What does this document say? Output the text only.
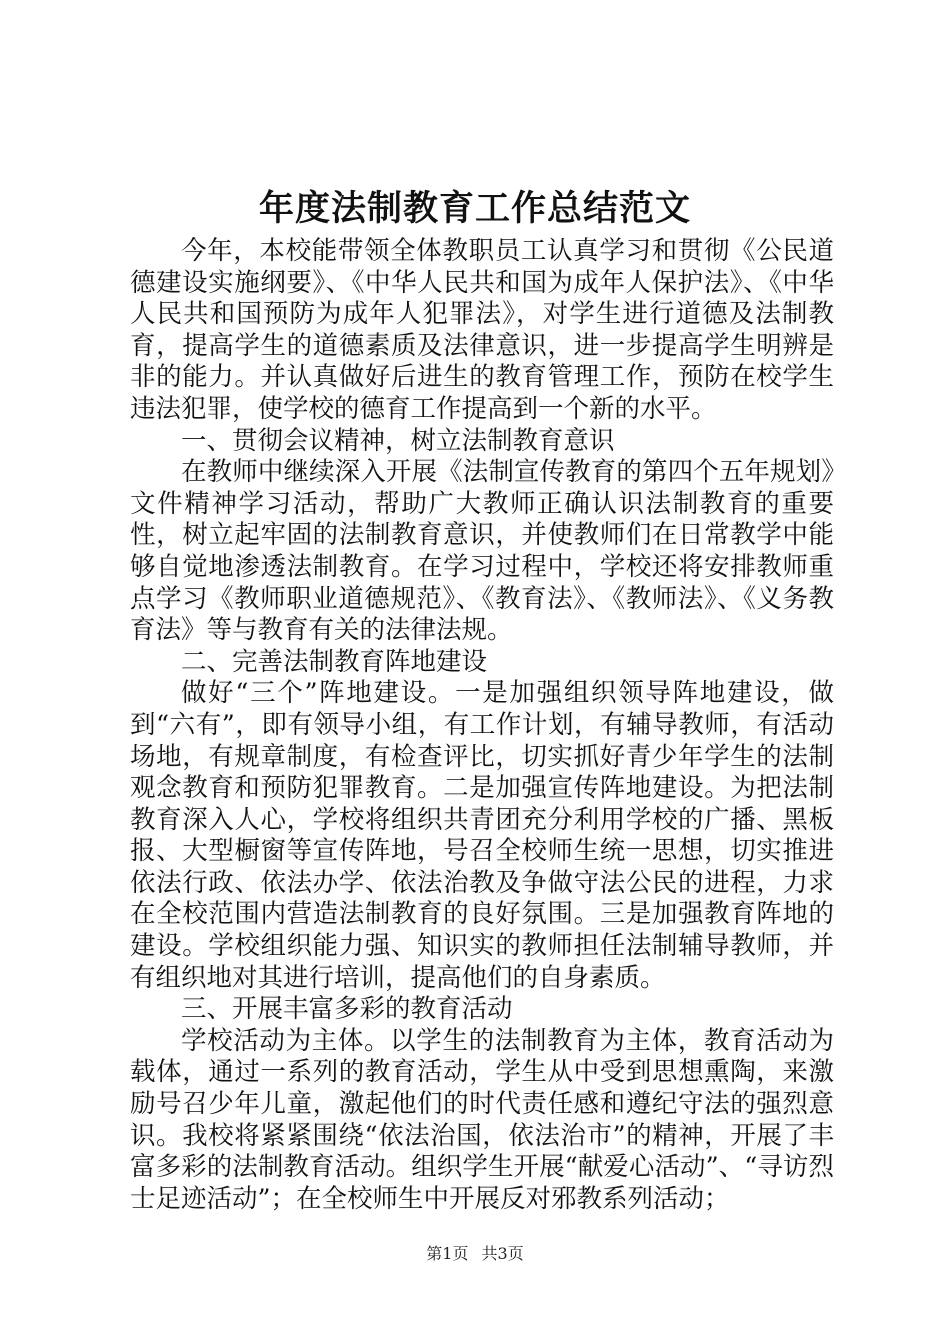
年度法制教育工作总结范文

今年，本校能带领全体教职员工认真学习和贯彻《公民道德建设实施纲要》、《中华人民共和国为成年人保护法》、《中华人民共和国预防为成年人犯罪法》，对学生进行道德及法制教育，提高学生的道德素质及法律意识，进一步提高学生明辨是非的能力。并认真做好后进生的教育管理工作，预防在校学生违法犯罪，使学校的德育工作提高到一个新的水平。

一、贯彻会议精神，树立法制教育意识

在教师中继续深入开展《法制宣传教育的第四个五年规划》文件精神学习活动，帮助广大教师正确认识法制教育的重要性，树立起牢固的法制教育意识，并使教师们在日常教学中能够自觉地渗透法制教育。在学习过程中，学校还将安排教师重点学习《教师职业道德规范》、《教育法》、《教师法》、《义务教育法》等与教育有关的法律法规。

二、完善法制教育阵地建设

做好“三个”阵地建设。一是加强组织领导阵地建设，做到“六有”，即有领导小组，有工作计划，有辅导教师，有活动场地，有规章制度，有检查评比，切实抓好青少年学生的法制观念教育和预防犯罪教育。二是加强宣传阵地建设。为把法制教育深入人心，学校将组织共青团充分利用学校的广播、黑板报、大型橱窗等宣传阵地，号召全校师生统一思想，切实推进依法行政、依法办学、依法治教及争做守法公民的进程，力求在全校范围内营造法制教育的良好氛围。三是加强教育阵地的建设。学校组织能力强、知识实的教师担任法制辅导教师，并有组织地对其进行培训，提高他们的自身素质。

三、开展丰富多彩的教育活动

学校活动为主体。以学生的法制教育为主体，教育活动为载体，通过一系列的教育活动，学生从中受到思想熏陶，来激励号召少年儿童，激起他们的时代责任感和遵纪守法的强烈意识。我校将紧紧围绕“依法治国，依法治市”的精神，开展了丰富多彩的法制教育活动。组织学生开展“献爱心活动”、“寻访烈士足迹活动”；在全校师生中开展反对邪教系列活动；

第1页 共3页
